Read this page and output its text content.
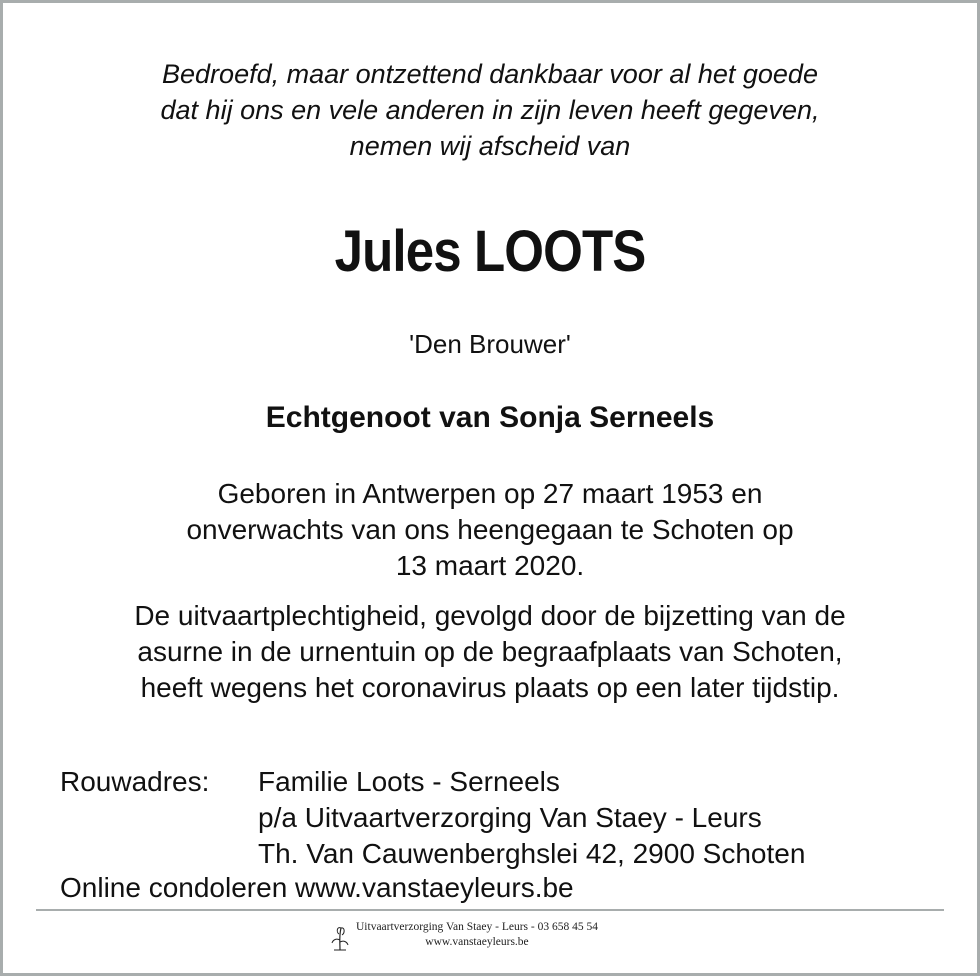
Bedroefd, maar ontzettend dankbaar voor al het goede
dat hij ons en vele anderen in zijn leven heeft gegeven,
nemen wij afscheid van
Jules LOOTS
'Den Brouwer'
Echtgenoot van Sonja Serneels
Geboren in Antwerpen op 27 maart 1953 en
onverwachts van ons heengegaan te Schoten op
13 maart 2020.
De uitvaartplechtigheid, gevolgd door de bijzetting van de
asurne in de urnentuin op de begraafplaats van Schoten,
heeft wegens het coronavirus plaats op een later tijdstip.
Rouwadres: Familie Loots - Serneels
p/a Uitvaartverzorging Van Staey - Leurs
Th. Van Cauwenberghslei 42, 2900 Schoten
Online condoleren www.vanstaeyleurs.be
Uitvaartverzorging Van Staey - Leurs - 03 658 45 54
www.vanstaeyleurs.be
